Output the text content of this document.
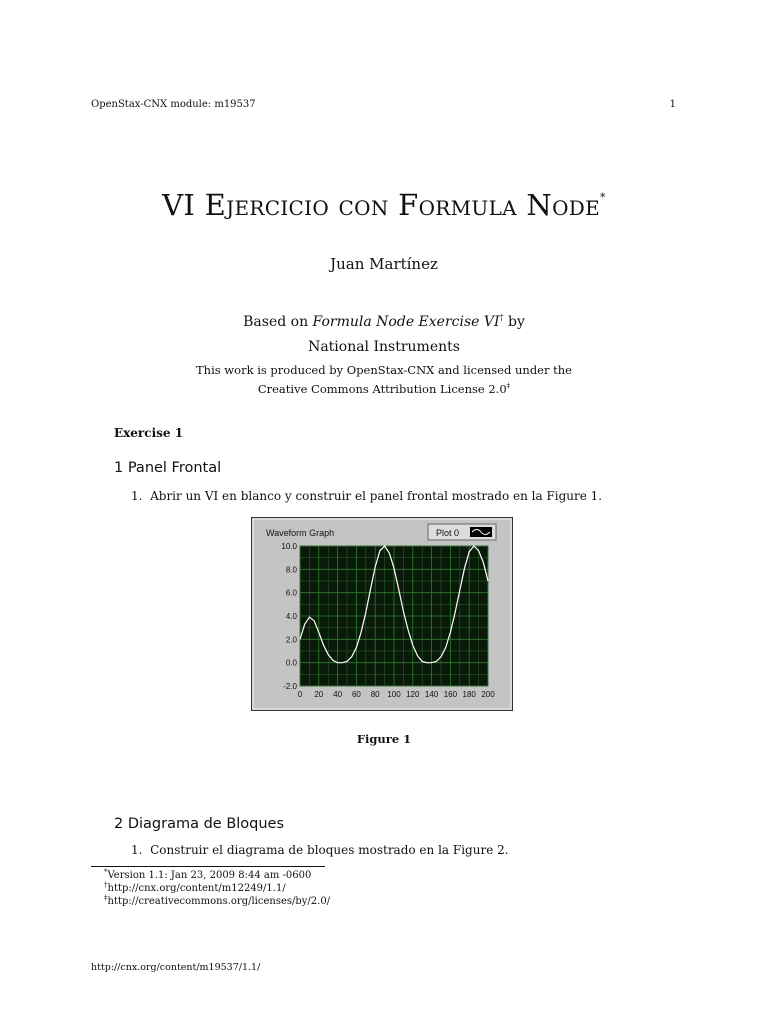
OpenStax-CNX module: m19537	1
VI Ejercicio con Formula Node*
Juan Martínez
Based on Formula Node Exercise VI† by
National Instruments
This work is produced by OpenStax-CNX and licensed under the
Creative Commons Attribution License 2.0‡
Exercise 1
1 Panel Frontal
1. Abrir un VI en blanco y construir el panel frontal mostrado en la Figure 1.
Waveform Graph	Plot 0
0 20 40 60 80 100 120 140 160 180 200
10.0
8.0
6.0
4.0
2.0
0.0
-2.0
Figure 1
2 Diagrama de Bloques
1. Construir el diagrama de bloques mostrado en la Figure 2.
*Version 1.1: Jan 23, 2009 8:44 am -0600
†http://cnx.org/content/m12249/1.1/
‡http://creativecommons.org/licenses/by/2.0/
http://cnx.org/content/m19537/1.1/
